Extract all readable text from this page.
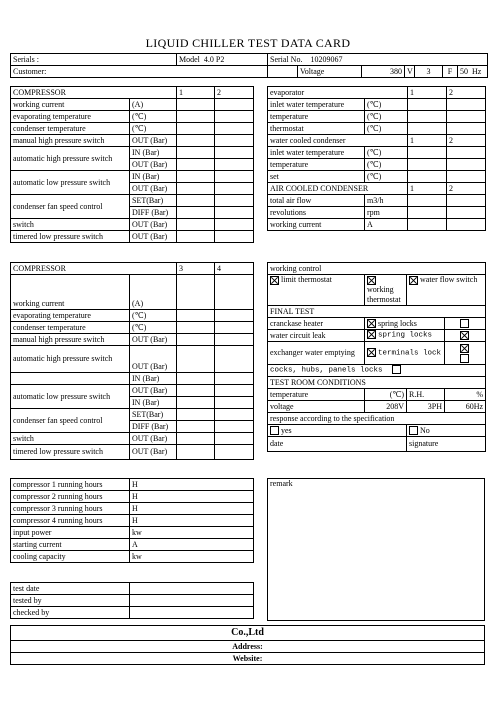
LIQUID CHILLER TEST DATA CARD
Serials :	Model 4.0 P2	Serial No. 10209067						
Customer:			Voltage	380	V	3	F	50 Hz
COMPRESSOR		1	2
working current	(A)		
evaporating temperature	(℃)		
condenser temperature	(℃)		
manual high pressure switch	OUT (Bar)		
automatic high pressure switch	IN (Bar)		
	OUT (Bar)		
automatic low pressure switch	IN (Bar)		
	OUT (Bar)		
condenser fan speed control	SET(Bar)		
	DIFF (Bar)		
switch	OUT (Bar)		
timered low pressure switch	OUT (Bar)		
evaporator		1	2
inlet water temperature	(℃)		
temperature	(℃)		
thermostat	(℃)		
water cooled condenser		1	2
inlet water temperature	(℃)		
temperature	(℃)		
set	(℃)		
AIR COOLED CONDENSER		1	2
total air flow	m3/h		
revolutions	rpm		
working current	A		
COMPRESSOR		3	4
working current	(A)		
evaporating temperature	(℃)		
condenser temperature	(℃)		
manual high pressure switch	OUT (Bar)		
automatic high pressure switch	OUT (Bar)		
	IN (Bar)		
automatic low pressure switch	OUT (Bar)		
	IN (Bar)		
condenser fan speed control	SET(Bar)		
	DIFF (Bar)		
switch	OUT (Bar)		
timered low pressure switch	OUT (Bar)		
working control			
limit thermostat	working thermostat	water flow switch	
FINAL TEST			
cranckase heater	spring locks		
water circuit leak	spring locks		
exchanger water emptying	terminals lock		

cocks, hubs, panels locks			
TEST ROOM CONDITIONS			
temperature	(℃)	R.H.	%
voltage	208V	3PH	60Hz
response according to the specification			
yes		No	
date		signature	
compressor 1 running hours	H
compressor 2 running hours	H
compressor 3 running hours	H
compressor 4 running hours	H
input power	kw
starting current	A
cooling capacity	kw
remark
test date	
tested by	
checked by	
Co.,Ltd
Address:
Website:
